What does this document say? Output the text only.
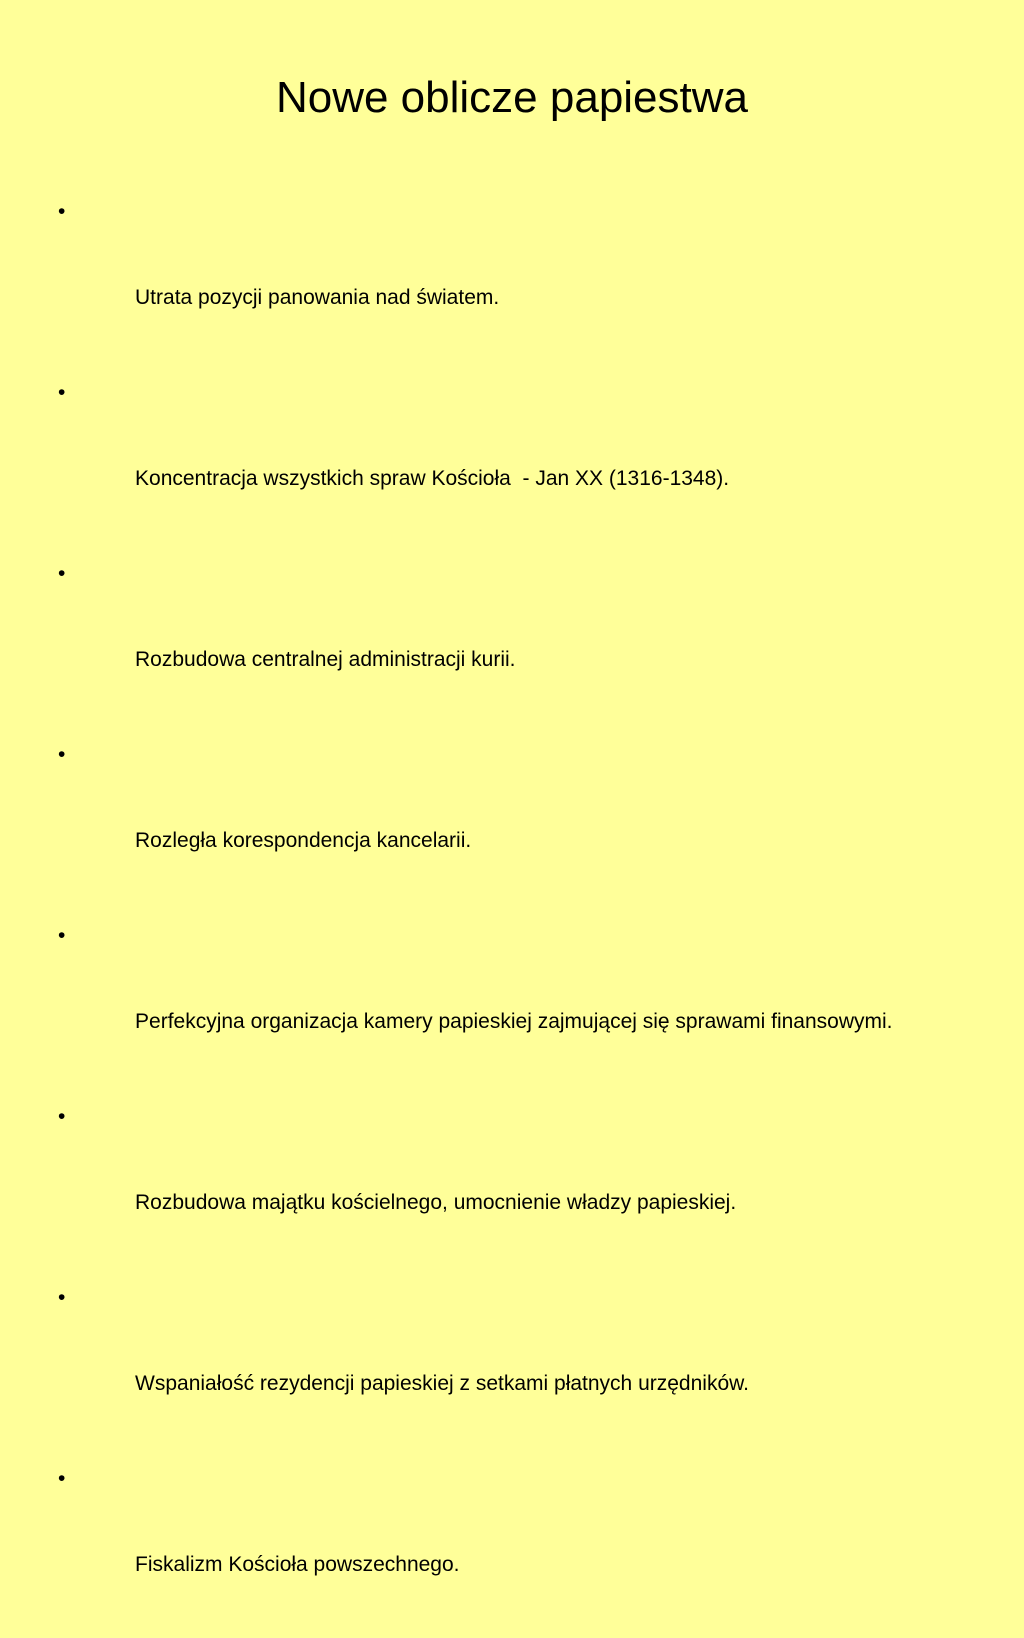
Nowe oblicze papiestwa

•

Utrata pozycji panowania nad światem.

•

Koncentracja wszystkich spraw Kościoła  - Jan XX (1316-1348).

•

Rozbudowa centralnej administracji kurii.

•

Rozległa korespondencja kancelarii.

•

Perfekcyjna organizacja kamery papieskiej zajmującej się sprawami finansowymi.

•

Rozbudowa majątku kościelnego, umocnienie władzy papieskiej.

•

Wspaniałość rezydencji papieskiej z setkami płatnych urzędników.

•

Fiskalizm Kościoła powszechnego.
